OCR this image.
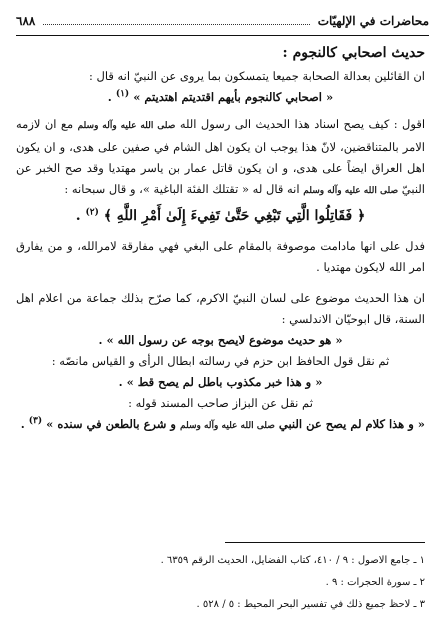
محاضرات في الإلهيّات
٦٨٨

حديث اصحابي كالنجوم :

ان القائلين بعدالة الصحابة جميعا يتمسكون بما يروى عن النبيّ انه قال :

« اصحابي كالنجوم بأيهم اقتديتم اهتديتم » $^{(١)}$ .

اقول : كيف يصح اسناد هذا الحديث الى رسول الله صلى الله عليه وآله وسلم مع ان لازمه الامر بالمتناقضين، لانّ هذا يوجب ان يكون اهل الشام في صفين على هدى، و ان يكون اهل العراق ايضاً على هدى، و ان يكون قاتل عمار بن ياسر مهتديا وقد صح الخبر عن النبيّ صلى الله عليه وآله وسلم انه قال له « تقتلك الفئة الباغية »، و قال سبحانه :

﴿ فَقَاتِلُوا الَّتِي تَبْغِي حَتَّىٰ تَفِيءَ إِلَىٰ أَمْرِ اللَّهِ ﴾ $^{(٢)}$ .

فدل على انها مادامت موصوفة بالمقام على البغي فهي مفارقة لامرالله، و من يفارق امر الله لايكون مهتديا .

ان هذا الحديث موضوع على لسان النبيّ الاكرم، كما صرّح بذلك جماعة من اعلام اهل السنة، قال ابوحيّان الاندلسي :

« هو حديث موضوع لايصح بوجه عن رسول الله » .

ثم نقل قول الحافظ ابن حزم في رسالته ابطال الرأى و القياس مانصّه :

« و هذا خبر مكذوب باطل لم يصح قط » .

ثم نقل عن البزاز صاحب المسند قوله :

« و هذا كلام لم يصح عن النبي صلى الله عليه وآله وسلم و شرع بالطعن في سنده » $^{(٣)}$ .

١ ـ جامع الاصول : ٩ / ٤١٠، كتاب الفضايل، الحديث الرقم ٦٣٥٩ .

٢ ـ سورة الحجرات : ٩ .

٣ ـ لاحظ جميع ذلك في تفسير البحر المحيط : ٥ / ٥٢٨ .
